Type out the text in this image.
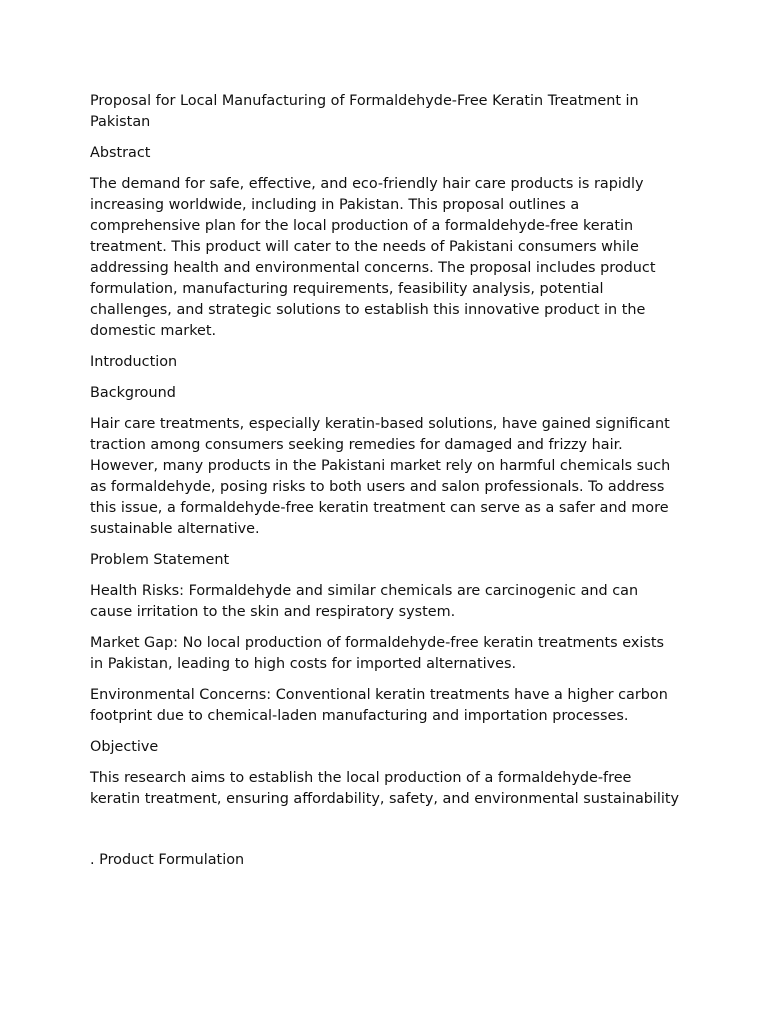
Proposal for Local Manufacturing of Formaldehyde-Free Keratin Treatment in Pakistan

Abstract

The demand for safe, effective, and eco-friendly hair care products is rapidly increasing worldwide, including in Pakistan. This proposal outlines a comprehensive plan for the local production of a formaldehyde-free keratin treatment. This product will cater to the needs of Pakistani consumers while addressing health and environmental concerns. The proposal includes product formulation, manufacturing requirements, feasibility analysis, potential challenges, and strategic solutions to establish this innovative product in the domestic market.

Introduction

Background

Hair care treatments, especially keratin-based solutions, have gained significant traction among consumers seeking remedies for damaged and frizzy hair. However, many products in the Pakistani market rely on harmful chemicals such as formaldehyde, posing risks to both users and salon professionals. To address this issue, a formaldehyde-free keratin treatment can serve as a safer and more sustainable alternative.

Problem Statement

Health Risks: Formaldehyde and similar chemicals are carcinogenic and can cause irritation to the skin and respiratory system.

Market Gap: No local production of formaldehyde-free keratin treatments exists in Pakistan, leading to high costs for imported alternatives.

Environmental Concerns: Conventional keratin treatments have a higher carbon footprint due to chemical-laden manufacturing and importation processes.

Objective

This research aims to establish the local production of a formaldehyde-free keratin treatment, ensuring affordability, safety, and environmental sustainability

. Product Formulation
